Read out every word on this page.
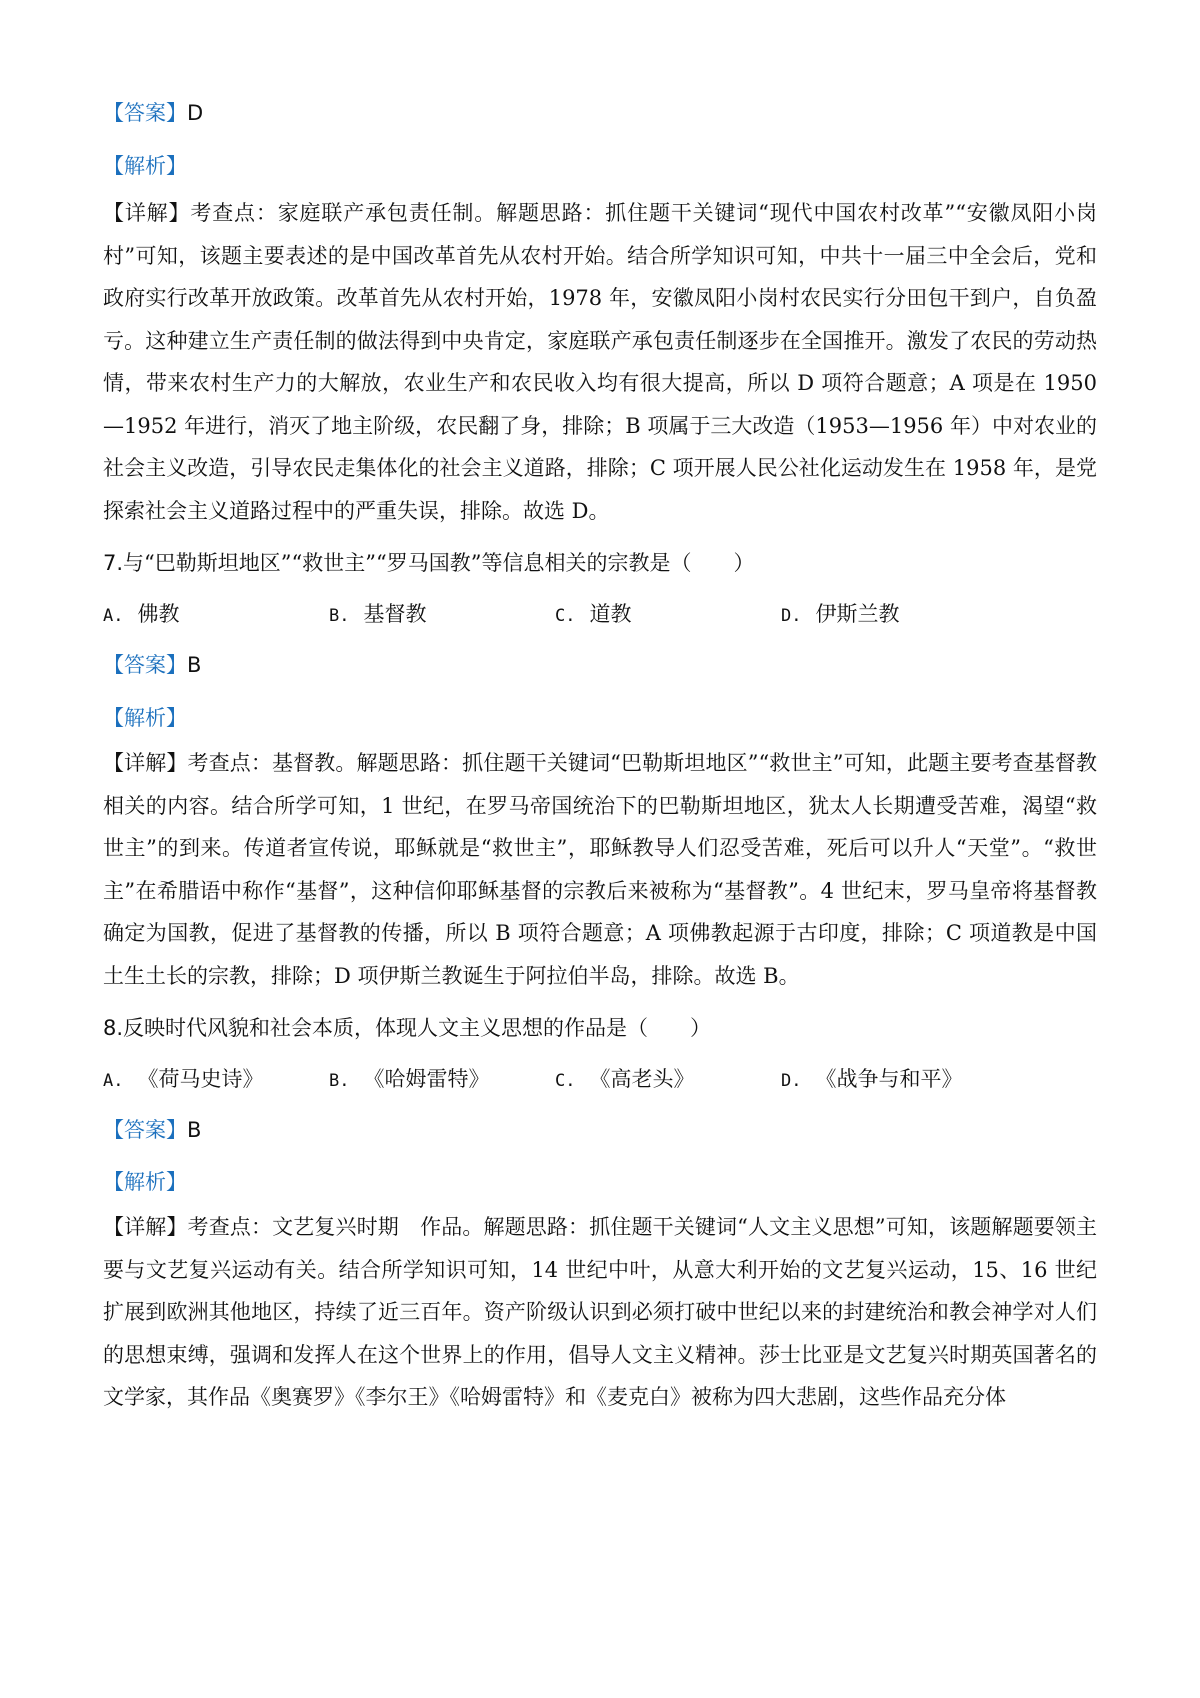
【答案】D
【解析】
【详解】考查点：家庭联产承包责任制。解题思路：抓住题干关键词“现代中国农村改革”“安徽凤阳小岗村”可知，该题主要表述的是中国改革首先从农村开始。结合所学知识可知，中共十一届三中全会后，党和政府实行改革开放政策。改革首先从农村开始，1978 年，安徽凤阳小岗村农民实行分田包干到户，自负盈亏。这种建立生产责任制的做法得到中央肯定，家庭联产承包责任制逐步在全国推开。激发了农民的劳动热情，带来农村生产力的大解放，农业生产和农民收入均有很大提高，所以 D 项符合题意；A 项是在 1950—1952 年进行，消灭了地主阶级，农民翻了身，排除；B 项属于三大改造（1953—1956 年）中对农业的社会主义改造，引导农民走集体化的社会主义道路，排除；C 项开展人民公社化运动发生在 1958 年，是党探索社会主义道路过程中的严重失误，排除。故选 D。
7.与“巴勒斯坦地区”“救世主”“罗马国教”等信息相关的宗教是（　　）
A. 佛教	B. 基督教	C. 道教	D. 伊斯兰教
【答案】B
【解析】
【详解】考查点：基督教。解题思路：抓住题干关键词“巴勒斯坦地区”“救世主”可知，此题主要考查基督教相关的内容。结合所学可知，1 世纪，在罗马帝国统治下的巴勒斯坦地区，犹太人长期遭受苦难，渴望“救世主”的到来。传道者宣传说，耶稣就是“救世主”，耶稣教导人们忍受苦难，死后可以升人“天堂”。“救世主”在希腊语中称作“基督”，这种信仰耶稣基督的宗教后来被称为“基督教”。4 世纪末，罗马皇帝将基督教确定为国教，促进了基督教的传播，所以 B 项符合题意；A 项佛教起源于古印度，排除；C 项道教是中国土生土长的宗教，排除；D 项伊斯兰教诞生于阿拉伯半岛，排除。故选 B。
8.反映时代风貌和社会本质，体现人文主义思想的作品是（　　）
A. 《荷马史诗》	B. 《哈姆雷特》	C. 《高老头》	D. 《战争与和平》
【答案】B
【解析】
【详解】考查点：文艺复兴时期　作品。解题思路：抓住题干关键词“人文主义思想”可知，该题解题要领主要与文艺复兴运动有关。结合所学知识可知，14 世纪中叶，从意大利开始的文艺复兴运动，15、16 世纪扩展到欧洲其他地区，持续了近三百年。资产阶级认识到必须打破中世纪以来的封建统治和教会神学对人们的思想束缚，强调和发挥人在这个世界上的作用，倡导人文主义精神。莎士比亚是文艺复兴时期英国著名的文学家，其作品《奥赛罗》《李尔王》《哈姆雷特》和《麦克白》被称为四大悲剧，这些作品充分体
